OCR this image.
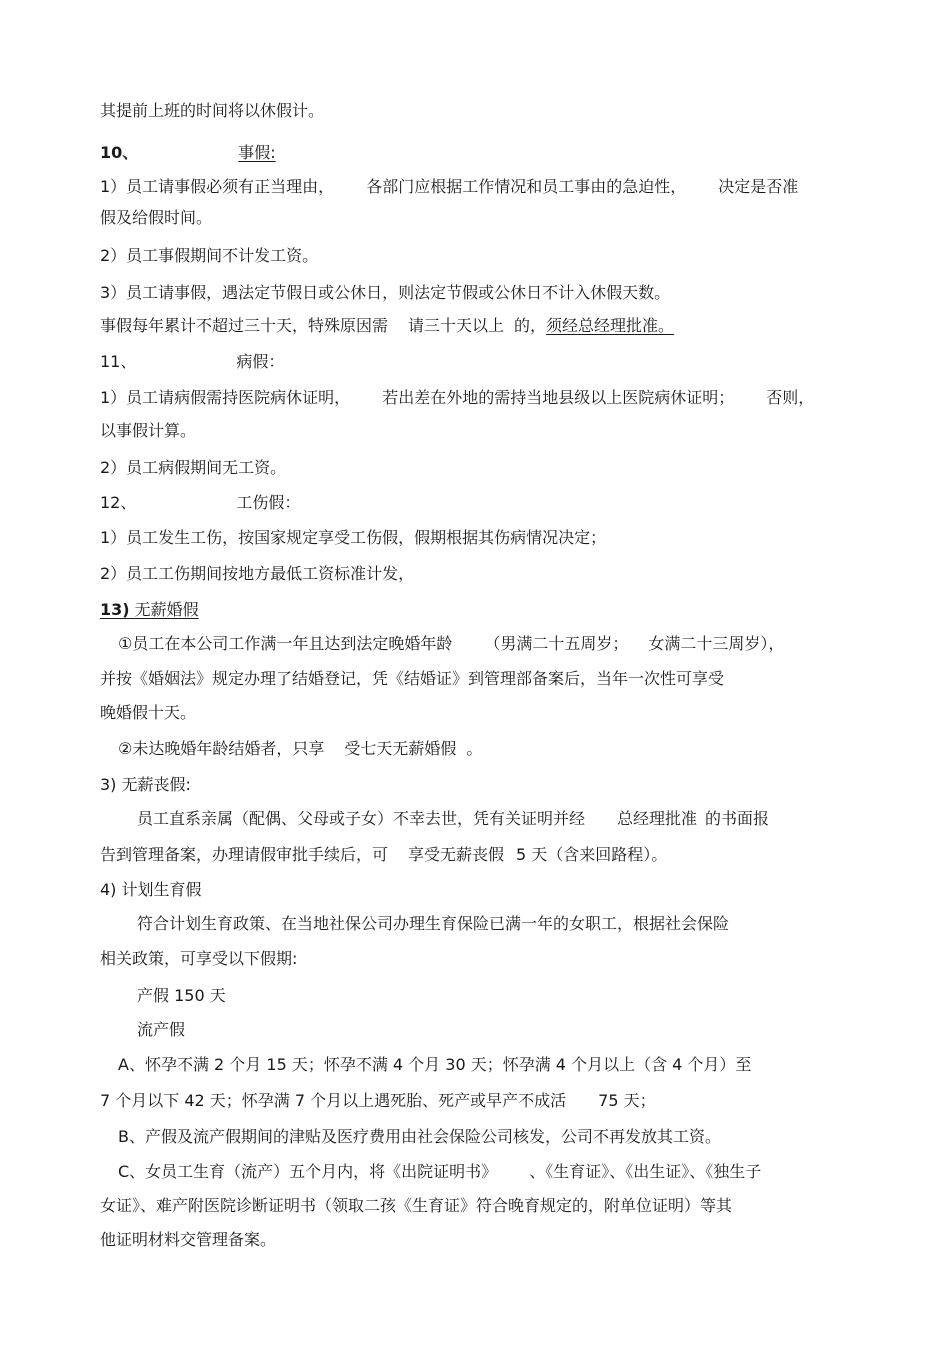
其提前上班的时间将以休假计。
10、	事假:
1）员工请事假必须有正当理由， 各部门应根据工作情况和员工事由的急迫性， 决定是否准
假及给假时间。
2）员工事假期间不计发工资。
3）员工请事假，遇法定节假日或公休日，则法定节假或公休日不计入休假天数。
事假每年累计不超过三十天，特殊原因需 请三十天以上 的，须经总经理批准。
11、	病假：
1）员工请病假需持医院病休证明， 若出差在外地的需持当地县级以上医院病休证明； 否则，
以事假计算。
2）员工病假期间无工资。
12、	工伤假：
1）员工发生工伤，按国家规定享受工伤假，假期根据其伤病情况决定；
2）员工工伤期间按地方最低工资标准计发，
13) 无薪婚假
①员工在本公司工作满一年且达到法定晚婚年龄 （男满二十五周岁； 女满二十三周岁），
并按《婚姻法》规定办理了结婚登记，凭《结婚证》到管理部备案后，当年一次性可享受
晚婚假十天。
②未达晚婚年龄结婚者，只享 受七天无薪婚假 。
3) 无薪丧假:
员工直系亲属（配偶、父母或子女）不幸去世，凭有关证明并经 总经理批准 的书面报
告到管理备案，办理请假审批手续后，可 享受无薪丧假 5 天（含来回路程）。
4) 计划生育假
符合计划生育政策、在当地社保公司办理生育保险已满一年的女职工，根据社会保险
相关政策，可享受以下假期:
产假 150 天
流产假
A、怀孕不满 2 个月 15 天；怀孕不满 4 个月 30 天；怀孕满 4 个月以上（含 4 个月）至
7 个月以下 42 天；怀孕满 7 个月以上遇死胎、死产或早产不成活 75 天；
B、产假及流产假期间的津贴及医疗费用由社会保险公司核发，公司不再发放其工资。
C、女员工生育（流产）五个月内，将《出院证明书》 、《生育证》、《出生证》、《独生子
女证》、难产附医院诊断证明书（领取二孩《生育证》符合晚育规定的，附单位证明）等其
他证明材料交管理备案。
